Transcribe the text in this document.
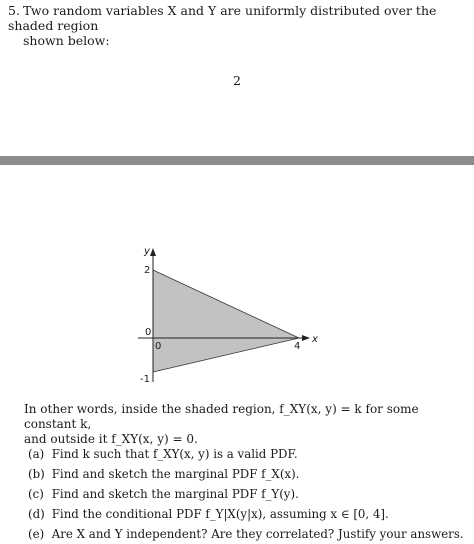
5. Two random variables X and Y are uniformly distributed over the shaded region
shown below:
2
y
x
2
0
-1
0	4
In other words, inside the shaded region, f_XY(x, y) = k for some constant k,
and outside it f_XY(x, y) = 0.
(a) Find k such that f_XY(x, y) is a valid PDF.
(b) Find and sketch the marginal PDF f_X(x).
(c) Find and sketch the marginal PDF f_Y(y).
(d) Find the conditional PDF f_Y|X(y|x), assuming x ∈ [0, 4].
(e) Are X and Y independent? Are they correlated? Justify your answers.
